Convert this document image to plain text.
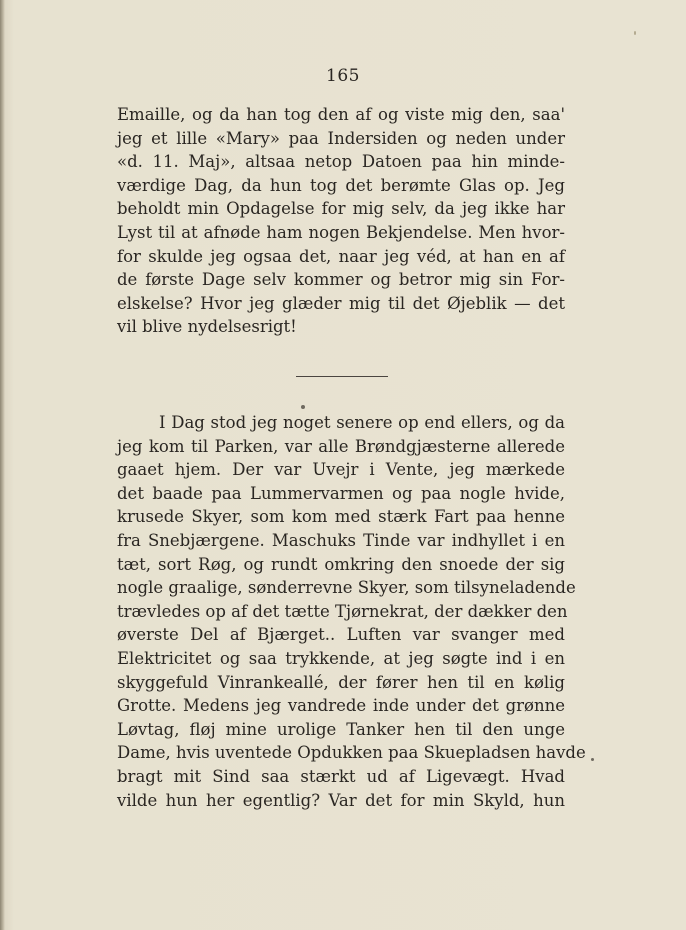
165
Emaille, og da han tog den af og viste mig den, saa'
jeg et lille «Mary» paa Indersiden og neden under
«d. 11. Maj», altsaa netop Datoen paa hin minde-
værdige Dag, da hun tog det berømte Glas op. Jeg
beholdt min Opdagelse for mig selv, da jeg ikke har
Lyst til at afnøde ham nogen Bekjendelse. Men hvor-
for skulde jeg ogsaa det, naar jeg véd, at han en af
de første Dage selv kommer og betror mig sin For-
elskelse? Hvor jeg glæder mig til det Øjeblik — det
vil blive nydelsesrigt!
I Dag stod jeg noget senere op end ellers, og da
jeg kom til Parken, var alle Brøndgjæsterne allerede
gaaet hjem. Der var Uvejr i Vente, jeg mærkede
det baade paa Lummervarmen og paa nogle hvide,
krusede Skyer, som kom med stærk Fart paa henne
fra Snebjærgene. Maschuks Tinde var indhyllet i en
tæt, sort Røg, og rundt omkring den snoede der sig
nogle graalige, sønderrevne Skyer, som tilsyneladende
trævledes op af det tætte Tjørnekrat, der dækker den
øverste Del af Bjærget.. Luften var svanger med
Elektricitet og saa trykkende, at jeg søgte ind i en
skyggefuld Vinrankeallé, der fører hen til en kølig
Grotte. Medens jeg vandrede inde under det grønne
Løvtag, fløj mine urolige Tanker hen til den unge
Dame, hvis uventede Opdukken paa Skuepladsen havde
bragt mit Sind saa stærkt ud af Ligevægt. Hvad
vilde hun her egentlig? Var det for min Skyld, hun
